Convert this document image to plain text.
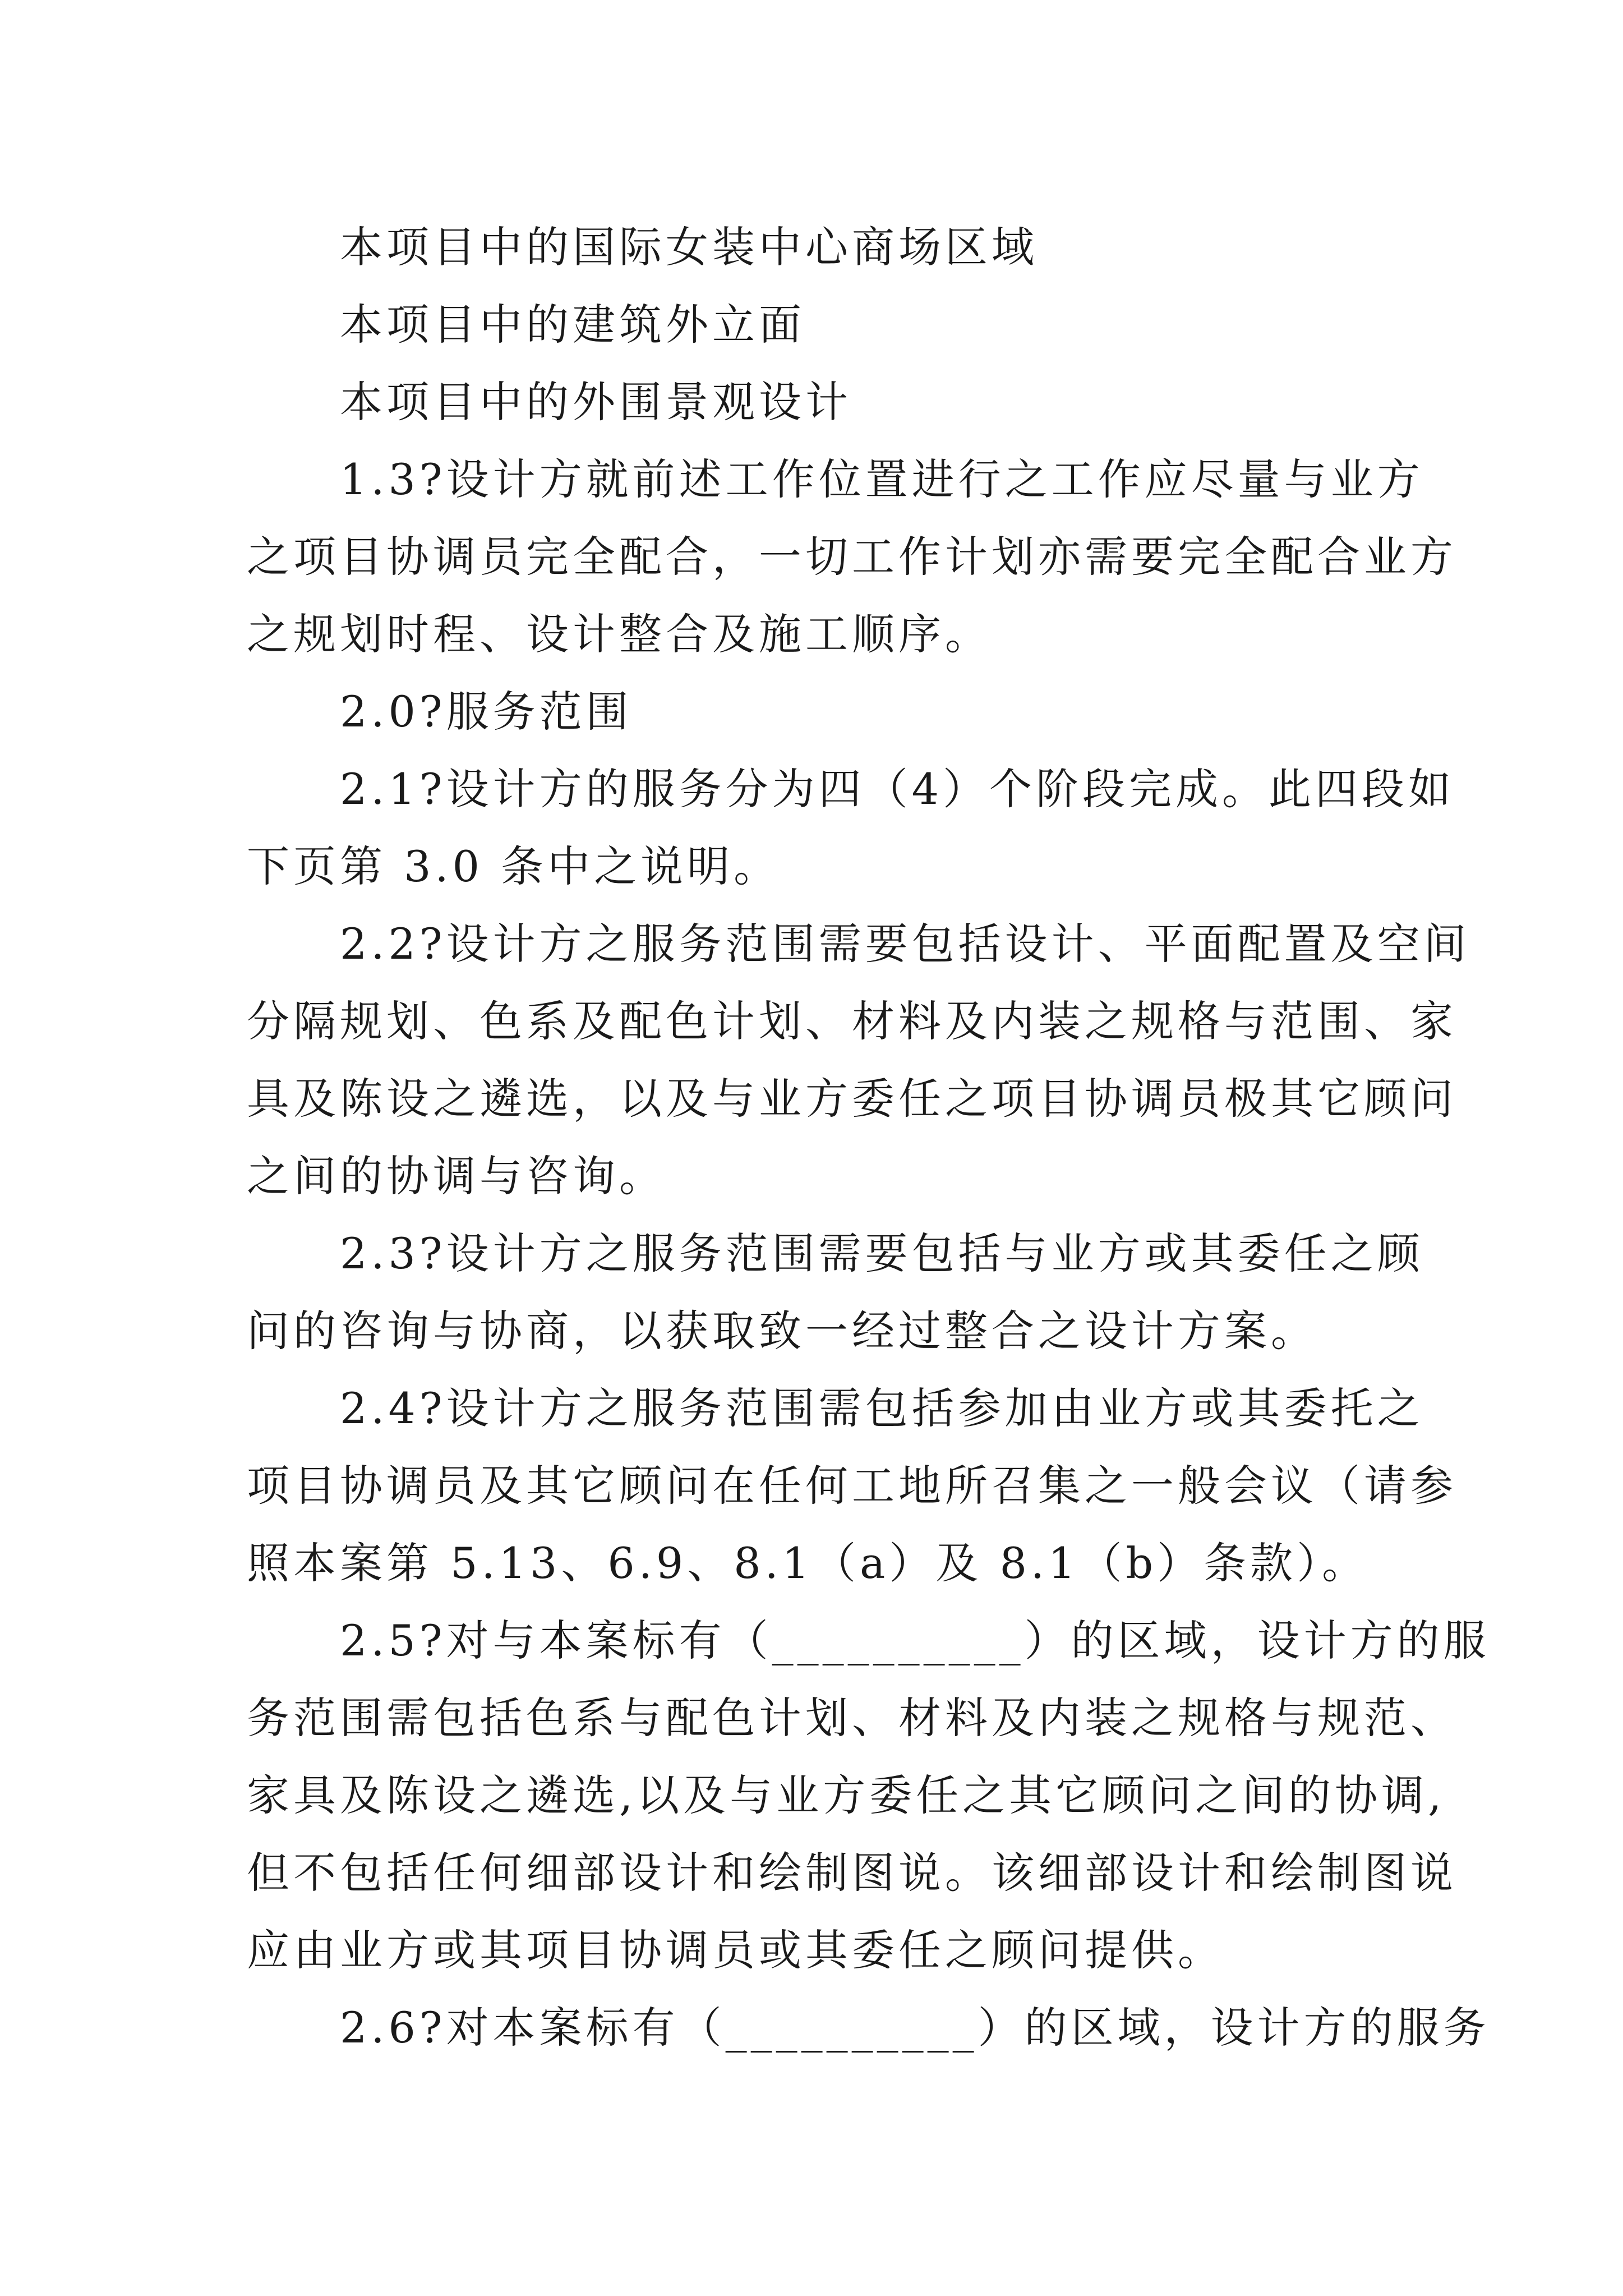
本项目中的国际女装中心商场区域
本项目中的建筑外立面
本项目中的外围景观设计
1.3?设计方就前述工作位置进行之工作应尽量与业方
之项目协调员完全配合，一切工作计划亦需要完全配合业方
之规划时程、设计整合及施工顺序。
2.0?服务范围
2.1?设计方的服务分为四（4）个阶段完成。此四段如
下页第 3.0 条中之说明。
2.2?设计方之服务范围需要包括设计、平面配置及空间
分隔规划、色系及配色计划、材料及内装之规格与范围、家
具及陈设之遴选，以及与业方委任之项目协调员极其它顾问
之间的协调与咨询。
2.3?设计方之服务范围需要包括与业方或其委任之顾
问的咨询与协商，以获取致一经过整合之设计方案。
2.4?设计方之服务范围需包括参加由业方或其委托之
项目协调员及其它顾问在任何工地所召集之一般会议（请参
照本案第 5.13、6.9、8.1（a）及 8.1（b）条款）。
2.5?对与本案标有（__________）的区域，设计方的服
务范围需包括色系与配色计划、材料及内装之规格与规范、
家具及陈设之遴选,以及与业方委任之其它顾问之间的协调,
但不包括任何细部设计和绘制图说。该细部设计和绘制图说
应由业方或其项目协调员或其委任之顾问提供。
2.6?对本案标有（__________）的区域，设计方的服务
